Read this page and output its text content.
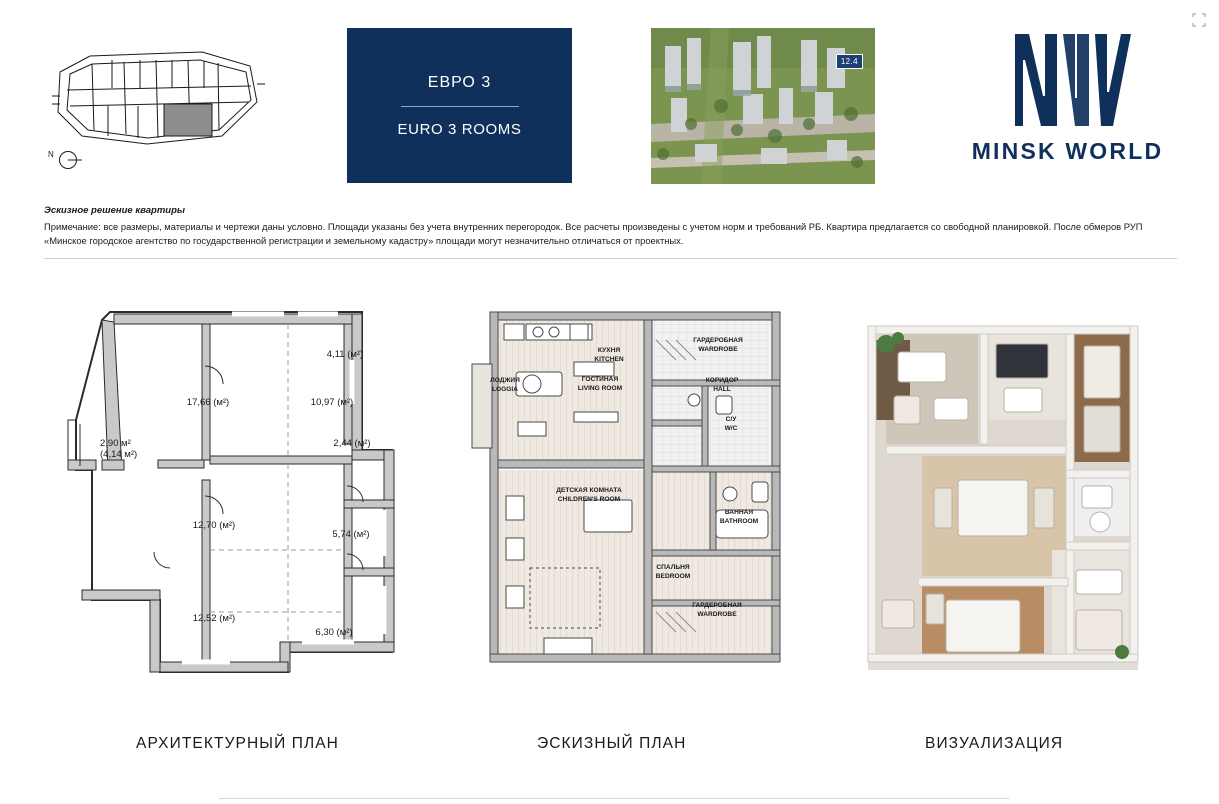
N
ЕВРО 3
EURO 3 ROOMS
12.4
MINSK WORLD
Эскизное решение квартиры

Примечание: все размеры, материалы и чертежи даны условно. Площади указаны без учета внутренних перегородок. Все расчеты произведены с учетом норм и требований РБ. Квартира предлагается со свободной планировкой. После обмеров РУП «Минское городское агентство по государственной регистрации и земельному кадастру» площади могут незначительно отличаться от проектных.

17,66 (м²)
4,11 (м²)
10,97 (м²)
2,44 (м²)
2,90 м²
(4,14 м²)
12,70 (м²)
5,74 (м²)
12,52 (м²)
6,30 (м²)
КУХНЯ
KITCHEN
ГАРДЕРОБНАЯ
WARDROBE
ЛОДЖИЯ
LOGGIA
КОРИДОР
HALL
ГОСТИНАЯ
LIVING ROOM
С/У
W/C
ДЕТСКАЯ КОМНАТА
CHILDREN'S ROOM
ВАННАЯ
BATHROOM
СПАЛЬНЯ
BEDROOM
ГАРДЕРОБНАЯ
WARDROBE
АРХИТЕКТУРНЫЙ ПЛАН	ЭСКИЗНЫЙ ПЛАН	ВИЗУАЛИЗАЦИЯ
